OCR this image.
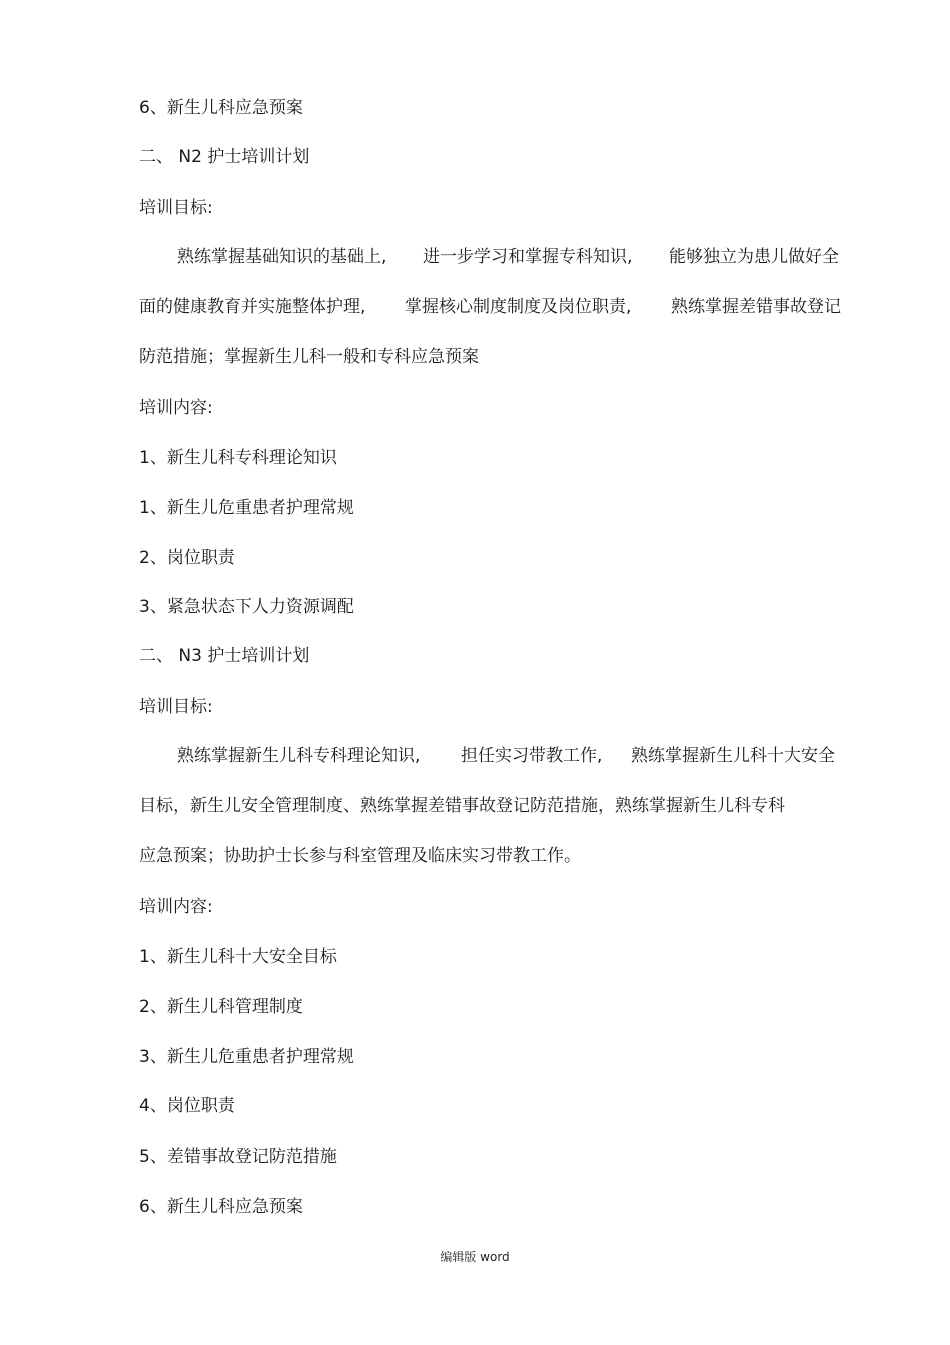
6、新生儿科应急预案
二、 N2 护士培训计划
培训目标:
熟练掌握基础知识的基础上, 进一步学习和掌握专科知识, 能够独立为患儿做好全
面的健康教育并实施整体护理, 掌握核心制度制度及岗位职责, 熟练掌握差错事故登记
防范措施；掌握新生儿科一般和专科应急预案
培训内容:
1、新生儿科专科理论知识
1、新生儿危重患者护理常规
2、岗位职责
3、紧急状态下人力资源调配
二、 N3 护士培训计划
培训目标:
熟练掌握新生儿科专科理论知识, 担任实习带教工作, 熟练掌握新生儿科十大安全
目标，新生儿安全管理制度、熟练掌握差错事故登记防范措施，熟练掌握新生儿科专科
应急预案；协助护士长参与科室管理及临床实习带教工作。
培训内容:
1、新生儿科十大安全目标
2、新生儿科管理制度
3、新生儿危重患者护理常规
4、岗位职责
5、差错事故登记防范措施
6、新生儿科应急预案
编辑版 word
